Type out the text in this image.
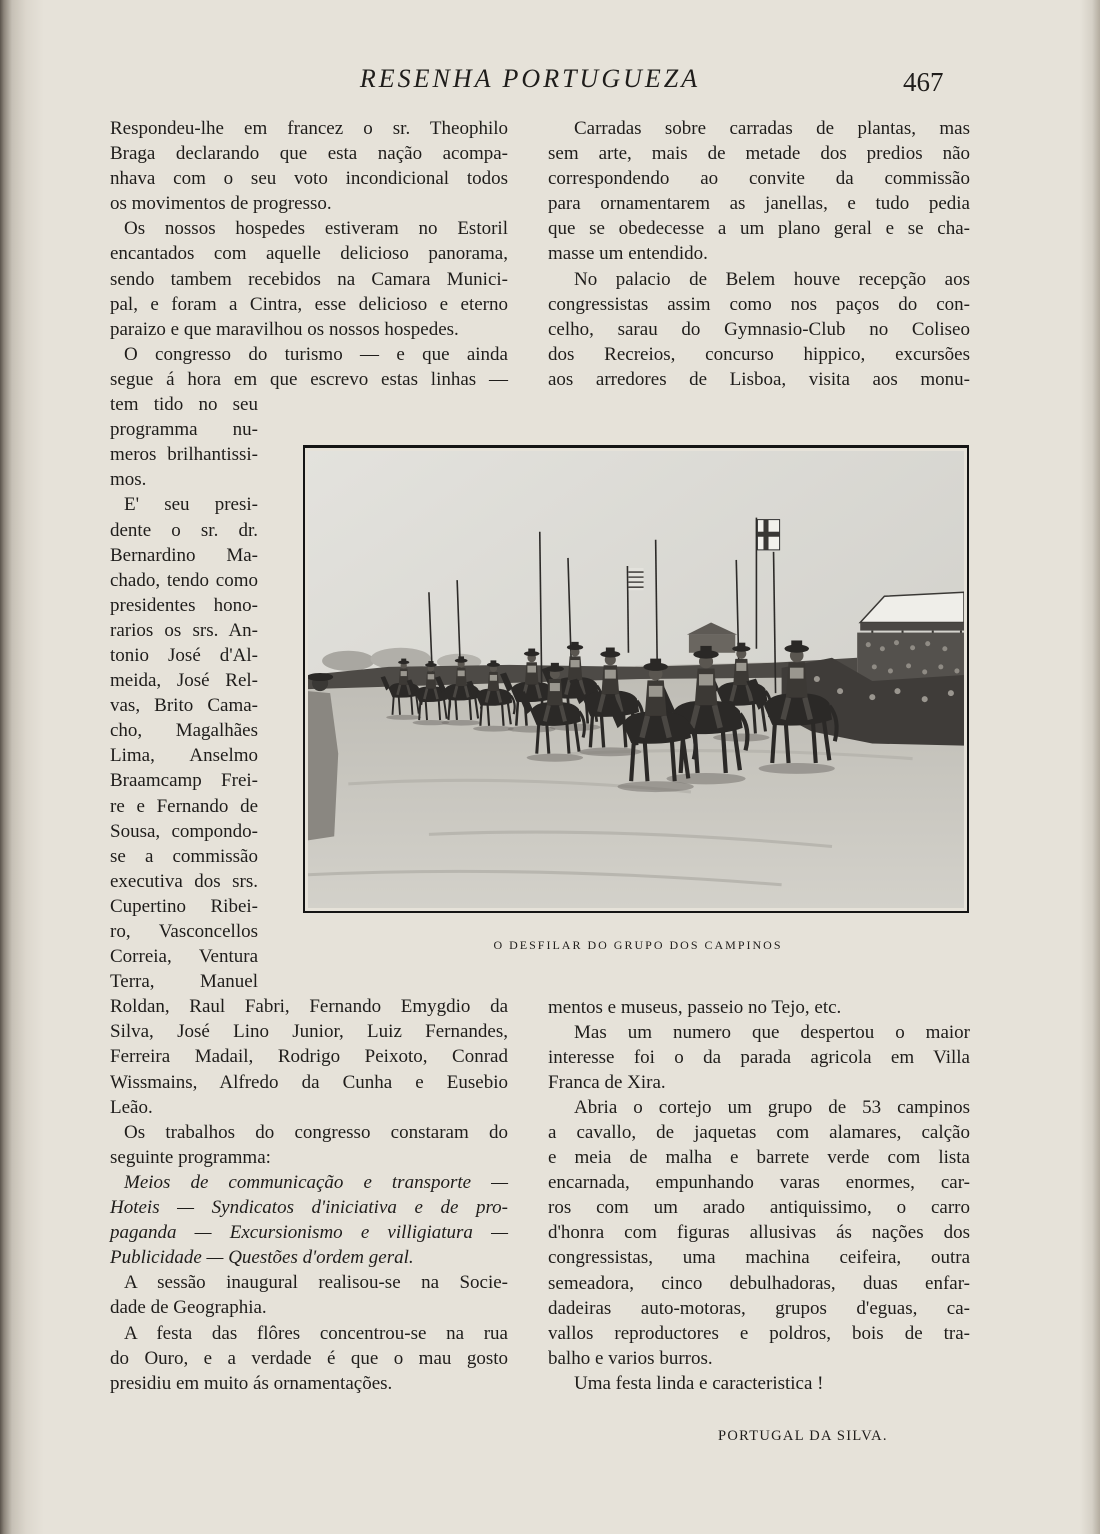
RESENHA PORTUGUEZA	467
Respondeu-lhe em francez o sr. Theophilo
Braga declarando que esta nação acompa-
nhava com o seu voto incondicional todos
os movimentos de progresso.
Os nossos hospedes estiveram no Estoril
encantados com aquelle delicioso panorama,
sendo tambem recebidos na Camara Munici-
pal, e foram a Cintra, esse delicioso e eterno
paraizo e que maravilhou os nossos hospedes.
O congresso do turismo — e que ainda
segue á hora em que escrevo estas linhas —
tem tido no seu
programma nu-
meros brilhantissi-
mos.
E' seu presi-
dente o sr. dr.
Bernardino Ma-
chado, tendo como
presidentes hono-
rarios os srs. An-
tonio José d'Al-
meida, José Rel-
vas, Brito Cama-
cho, Magalhães
Lima, Anselmo
Braamcamp Frei-
re e Fernando de
Sousa, compondo-
se a commissão
executiva dos srs.
Cupertino Ribei-
ro, Vasconcellos
Correia, Ventura
Terra, Manuel
Roldan, Raul Fabri, Fernando Emygdio da
Silva, José Lino Junior, Luiz Fernandes,
Ferreira Madail, Rodrigo Peixoto, Conrad
Wissmains, Alfredo da Cunha e Eusebio
Leão.
Os trabalhos do congresso constaram do
seguinte programma:
Meios de communicação e transporte —
Hoteis — Syndicatos d'iniciativa e de pro-
paganda — Excursionismo e villigiatura —
Publicidade — Questões d'ordem geral.
A sessão inaugural realisou-se na Socie-
dade de Geographia.
A festa das flôres concentrou-se na rua
do Ouro, e a verdade é que o mau gosto
presidiu em muito ás ornamentações.
Carradas sobre carradas de plantas, mas
sem arte, mais de metade dos predios não
correspondendo ao convite da commissão
para ornamentarem as janellas, e tudo pedia
que se obedecesse a um plano geral e se cha-
masse um entendido.
No palacio de Belem houve recepção aos
congressistas assim como nos paços do con-
celho, sarau do Gymnasio-Club no Coliseo
dos Recreios, concurso hippico, excursões
aos arredores de Lisboa, visita aos monu-
O DESFILAR DO GRUPO DOS CAMPINOS
mentos e museus, passeio no Tejo, etc.
Mas um numero que despertou o maior
interesse foi o da parada agricola em Villa
Franca de Xira.
Abria o cortejo um grupo de 53 campinos
a cavallo, de jaquetas com alamares, calção
e meia de malha e barrete verde com lista
encarnada, empunhando varas enormes, car-
ros com um arado antiquissimo, o carro
d'honra com figuras allusivas ás nações dos
congressistas, uma machina ceifeira, outra
semeadora, cinco debulhadoras, duas enfar-
dadeiras auto-motoras, grupos d'eguas, ca-
vallos reproductores e poldros, bois de tra-
balho e varios burros.
Uma festa linda e caracteristica !
PORTUGAL DA SILVA.
